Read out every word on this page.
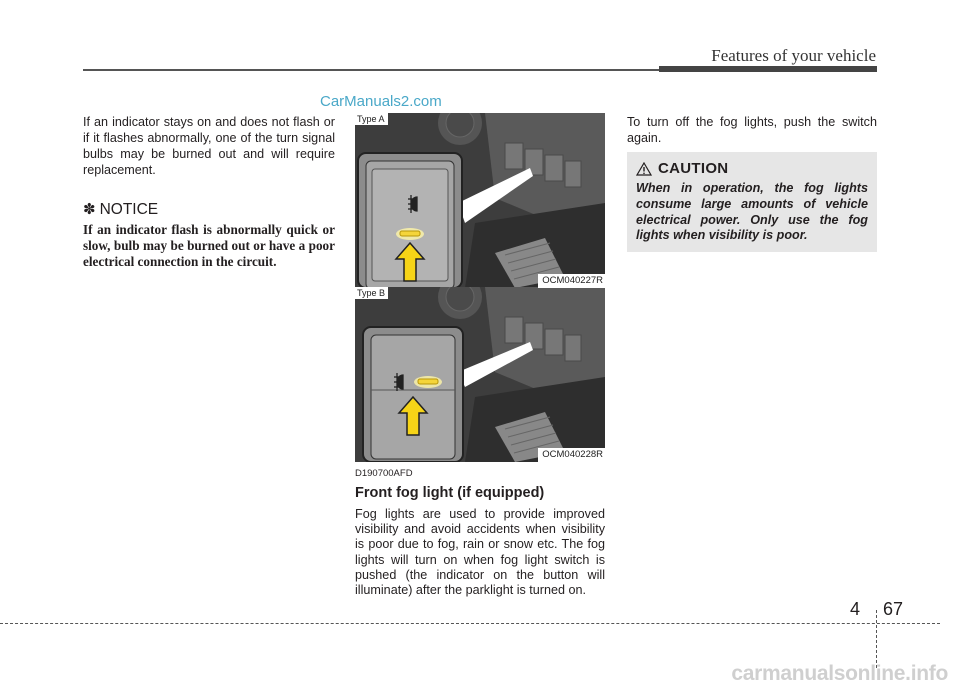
Features of your vehicle
CarManuals2.com

If an indicator stays on and does not flash or if it flashes abnormally, one of the turn signal bulbs may be burned out and will require replacement.

✽ NOTICE

If an indicator flash is abnormally quick or slow, bulb may be burned out or have a poor electrical connection in the circuit.

Type A
OCM040227R
Type B
OCM040228R
D190700AFD
Front fog light (if equipped)

Fog lights are used to provide improved visibility and avoid accidents when visibility is poor due to fog, rain or snow etc. The fog lights will turn on when fog light switch is pushed (the indicator on the button will illuminate) after the parklight is turned on.

To turn off the fog lights, push the switch again.

CAUTION

When in operation, the fog lights consume large amounts of vehicle electrical power. Only use the fog lights when visibility is poor.

4 67
carmanualsonline.info
